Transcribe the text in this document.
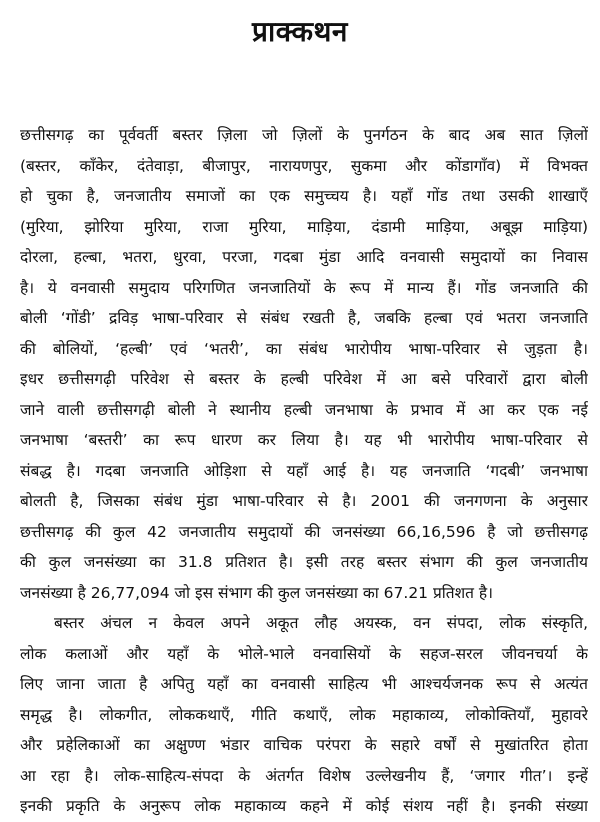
प्राक्कथन
छत्तीसगढ़ का पूर्ववर्ती बस्तर ज़िला जो ज़िलों के पुनर्गठन के बाद अब सात ज़िलों
(बस्तर, काँकेर, दंतेवाड़ा, बीजापुर, नारायणपुर, सुकमा और कोंडागाँव) में विभक्त
हो चुका है, जनजातीय समाजों का एक समुच्चय है। यहाँ गोंड तथा उसकी शाखाएँ
(मुरिया, झोरिया मुरिया, राजा मुरिया, माड़िया, दंडामी माड़िया, अबूझ माड़िया)
दोरला, हल्बा, भतरा, धुरवा, परजा, गदबा मुंडा आदि वनवासी समुदायों का निवास
है। ये वनवासी समुदाय परिगणित जनजातियों के रूप में मान्य हैं। गोंड जनजाति की
बोली ‘गोंडी’ द्रविड़ भाषा-परिवार से संबंध रखती है, जबकि हल्बा एवं भतरा जनजाति
की बोलियों, ‘हल्बी’ एवं ‘भतरी’, का संबंध भारोपीय भाषा-परिवार से जुड़ता है।
इधर छत्तीसगढ़ी परिवेश से बस्तर के हल्बी परिवेश में आ बसे परिवारों द्वारा बोली
जाने वाली छत्तीसगढ़ी बोली ने स्थानीय हल्बी जनभाषा के प्रभाव में आ कर एक नई
जनभाषा ‘बस्तरी’ का रूप धारण कर लिया है। यह भी भारोपीय भाषा-परिवार से
संबद्ध है। गदबा जनजाति ओड़िशा से यहाँ आई है। यह जनजाति ‘गदबी’ जनभाषा
बोलती है, जिसका संबंध मुंडा भाषा-परिवार से है। 2001 की जनगणना के अनुसार
छत्तीसगढ़ की कुल 42 जनजातीय समुदायों की जनसंख्या 66,16,596 है जो छत्तीसगढ़
की कुल जनसंख्या का 31.8 प्रतिशत है। इसी तरह बस्तर संभाग की कुल जनजातीय
जनसंख्या है 26,77,094 जो इस संभाग की कुल जनसंख्या का 67.21 प्रतिशत है।
बस्तर अंचल न केवल अपने अकूत लौह अयस्क, वन संपदा, लोक संस्कृति,
लोक कलाओं और यहाँ के भोले-भाले वनवासियों के सहज-सरल जीवनचर्या के
लिए जाना जाता है अपितु यहाँ का वनवासी साहित्य भी आश्चर्यजनक रूप से अत्यंत
समृद्ध है। लोकगीत, लोककथाएँ, गीति कथाएँ, लोक महाकाव्य, लोकोक्तियाँ, मुहावरे
और प्रहेलिकाओं का अक्षुण्ण भंडार वाचिक परंपरा के सहारे वर्षों से मुखांतरित होता
आ रहा है। लोक-साहित्य-संपदा के अंतर्गत विशेष उल्लेखनीय हैं, ‘जगार गीत’। इन्हें
इनकी प्रकृति के अनुरूप लोक महाकाव्य कहने में कोई संशय नहीं है। इनकी संख्या
